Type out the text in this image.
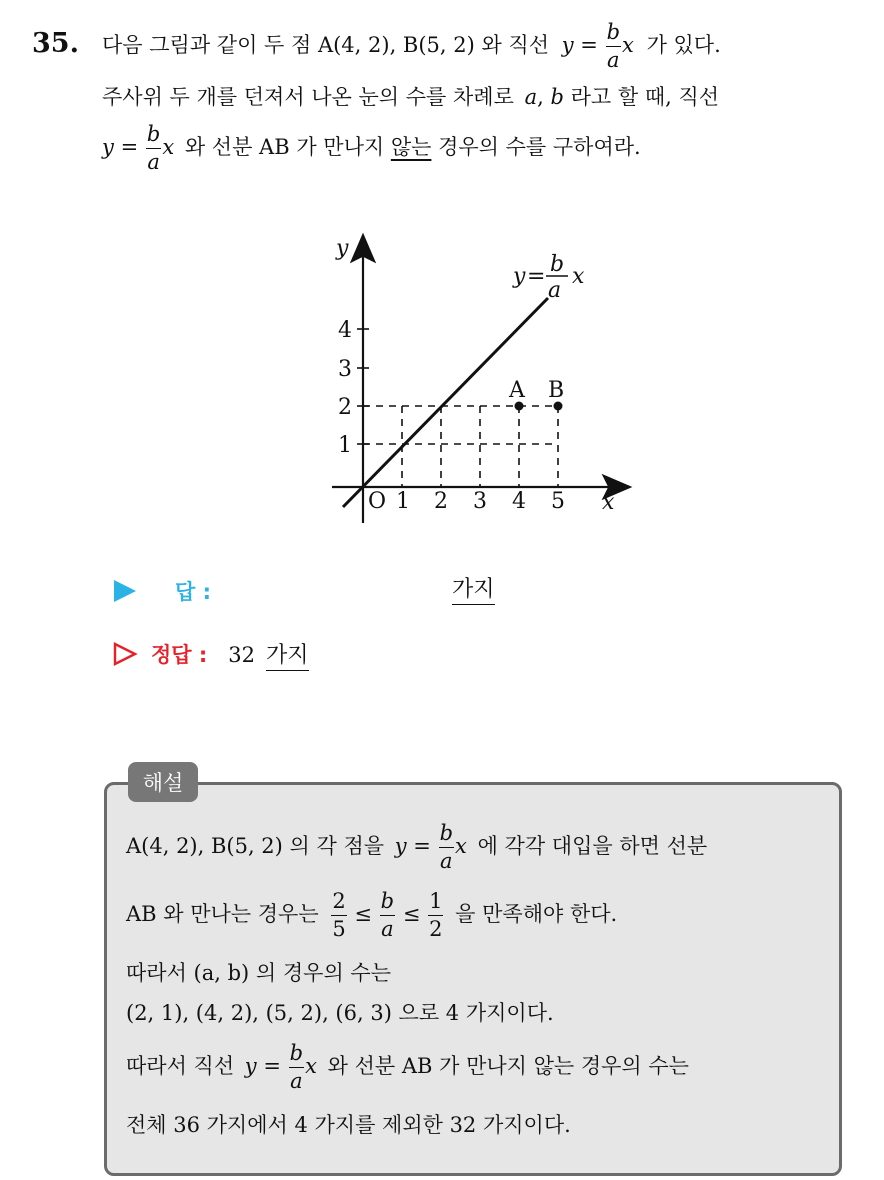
35. 다음 그림과 같이 두 점 A(4, 2), B(5, 2) 와 직선 $y = \frac{b}{a}$ x 가 있다.
주사위 두 개를 던져서 나온 눈의 수를 차례로 a, b 라고 할 때, 직선
$y = \frac{b}{a}$ x 와 선분 AB 가 만나지 않는 경우의 수를 구하여라.
y
x
O 1 2 3 4 5
1
2
3
4
A B
y = b
a
x
답 :	가지
정답 : 32 가지
해설
A(4, 2), B(5, 2) 의 각 점을 $y = \frac{b}{a}$ x 에 각각 대입을 하면 선분
AB 와 만나는 경우는 $\frac{2}{5} \le \frac{b}{a} \le \frac{1}{2}$ 을 만족해야 한다.
따라서 (a, b) 의 경우의 수는
(2, 1), (4, 2), (5, 2), (6, 3) 으로 4 가지이다.
따라서 직선 $y = \frac{b}{a}$ x 와 선분 AB 가 만나지 않는 경우의 수는
전체 36 가지에서 4 가지를 제외한 32 가지이다.
